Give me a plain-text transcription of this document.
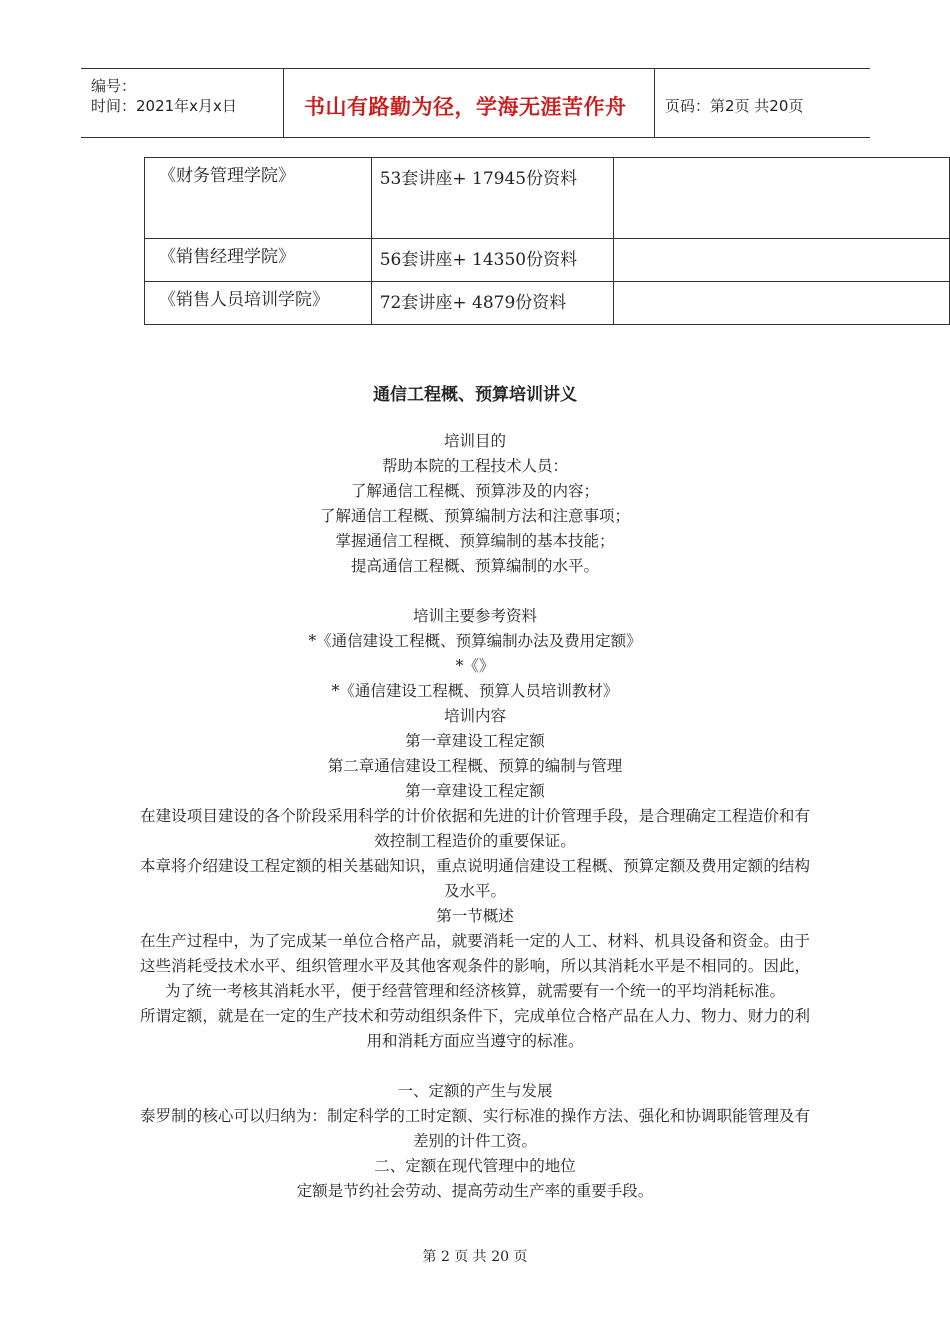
编号：
时间：2021年x月x日	书山有路勤为径，学海无涯苦作舟	页码：第2页 共20页
《财务管理学院》	53套讲座+ 17945份资料	
《销售经理学院》	56套讲座+ 14350份资料	
《销售人员培训学院》	72套讲座+ 4879份资料	

通信工程概、预算培训讲义

培训目的

帮助本院的工程技术人员：

了解通信工程概、预算涉及的内容；

了解通信工程概、预算编制方法和注意事项；

掌握通信工程概、预算编制的基本技能；

提高通信工程概、预算编制的水平。

培训主要参考资料

*《通信建设工程概、预算编制办法及费用定额》

*《》

*《通信建设工程概、预算人员培训教材》

培训内容

第一章建设工程定额

第二章通信建设工程概、预算的编制与管理

第一章建设工程定额

在建设项目建设的各个阶段采用科学的计价依据和先进的计价管理手段，是合理确定工程造价和有效控制工程造价的重要保证。

本章将介绍建设工程定额的相关基础知识，重点说明通信建设工程概、预算定额及费用定额的结构及水平。

第一节概述

在生产过程中，为了完成某一单位合格产品，就要消耗一定的人工、材料、机具设备和资金。由于这些消耗受技术水平、组织管理水平及其他客观条件的影响，所以其消耗水平是不相同的。因此，为了统一考核其消耗水平，便于经营管理和经济核算，就需要有一个统一的平均消耗标准。

所谓定额，就是在一定的生产技术和劳动组织条件下，完成单位合格产品在人力、物力、财力的利用和消耗方面应当遵守的标准。

一、定额的产生与发展

泰罗制的核心可以归纳为：制定科学的工时定额、实行标准的操作方法、强化和协调职能管理及有差别的计件工资。

二、定额在现代管理中的地位

定额是节约社会劳动、提高劳动生产率的重要手段。

第 2 页 共 20 页
